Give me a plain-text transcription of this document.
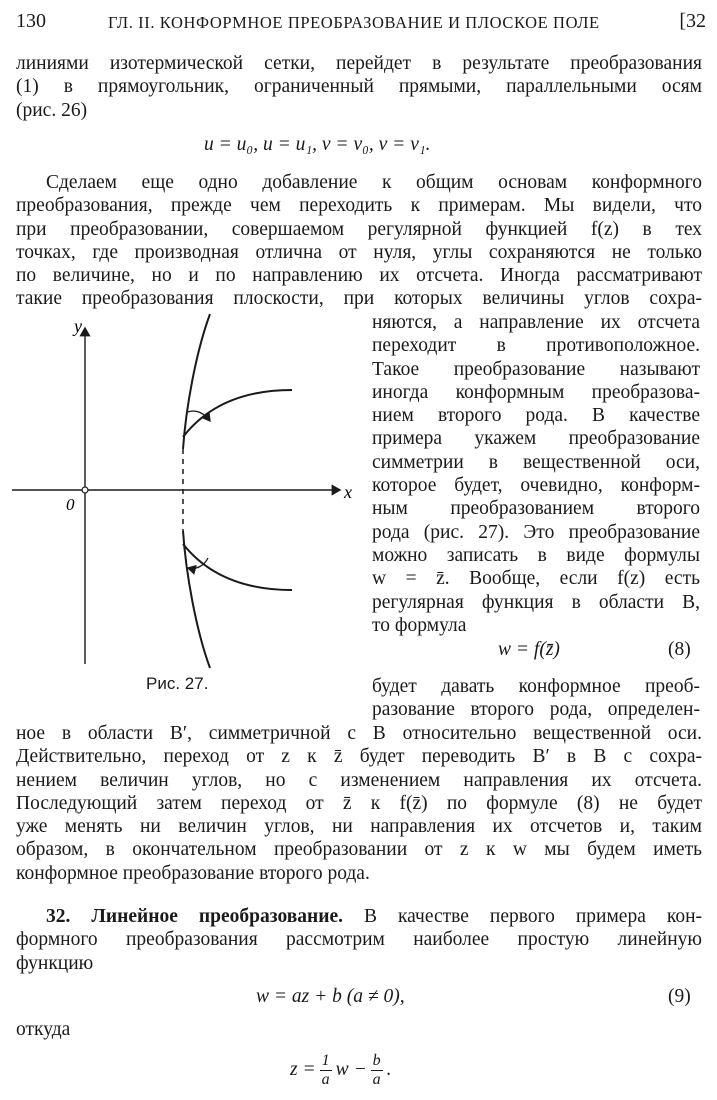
130	ГЛ. II. КОНФОРМНОЕ ПРЕОБРАЗОВАНИЕ И ПЛОСКОЕ ПОЛЕ	[32
линиями изотермической сетки, перейдет в результате преобразования
(1) в прямоугольник, ограниченный прямыми, параллельными осям
(рис. 26)
u = u₀, u = u₁, v = v₀, v = v₁.
Сделаем еще одно добавление к общим основам конформного
преобразования, прежде чем переходить к примерам. Мы видели, что
при преобразовании, совершаемом регулярной функцией f(z) в тех
точках, где производная отлична от нуля, углы сохраняются не только
по величине, но и по направлению их отсчета. Иногда рассматривают
такие преобразования плоскости, при которых величины углов сохра-
y
x
0
Рис. 27.
няются, а направление их отсчета
переходит в противоположное.
Такое преобразование называют
иногда конформным преобразова-
нием второго рода. В качестве
примера укажем преобразование
симметрии в вещественной оси,
которое будет, очевидно, конформ-
ным преобразованием второго
рода (рис. 27). Это преобразование
можно записать в виде формулы
w = z̄. Вообще, если f(z) есть
регулярная функция в области B,
то формула
w = f(z̄)	(8)
будет давать конформное преоб-
разование второго рода, определен-
ное в области B′, симметричной с B относительно вещественной оси.
Действительно, переход от z к z̄ будет переводить B′ в B с сохра-
нением величин углов, но с изменением направления их отсчета.
Последующий затем переход от z̄ к f(z̄) по формуле (8) не будет
уже менять ни величин углов, ни направления их отсчетов и, таким
образом, в окончательном преобразовании от z к w мы будем иметь
конформное преобразование второго рода.
32. Линейное преобразование. В качестве первого примера кон-
формного преобразования рассмотрим наиболее простую линейную
функцию
w = az + b (a ≠ 0),	(9)
откуда
$z = \frac{1}{a}$ $w - \frac{b}{a}$ .
